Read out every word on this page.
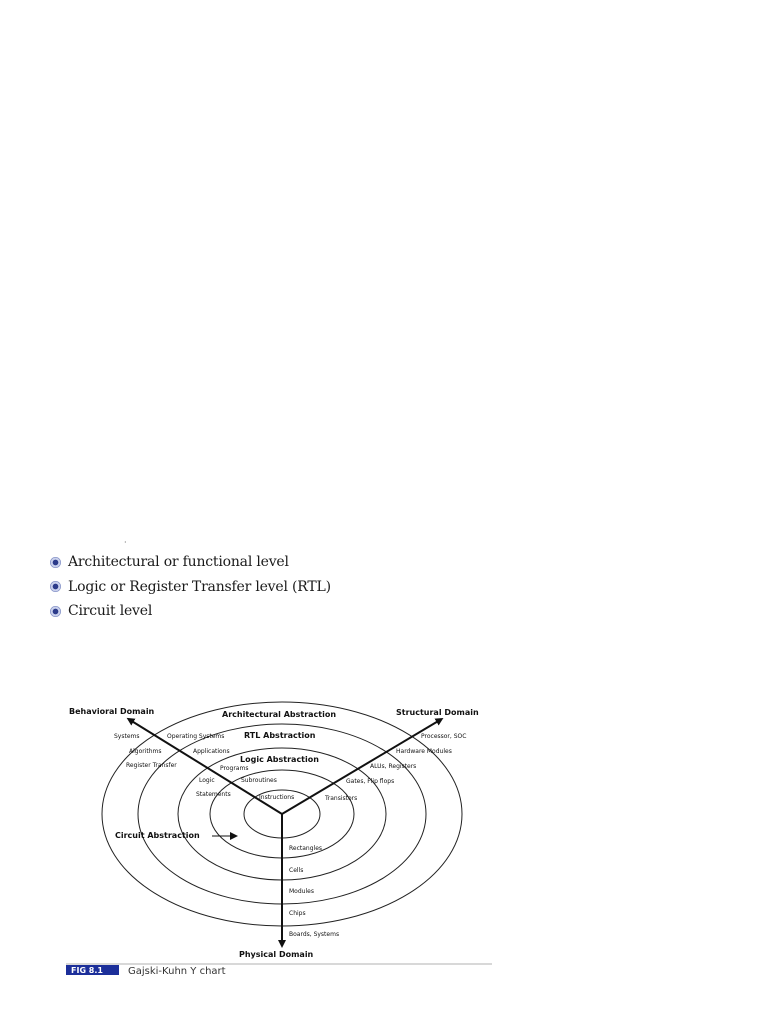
·
Architectural or functional level
Logic or Register Transfer level (RTL)
Circuit level
Behavioral Domain	Structural Domain
Physical Domain
Architectural Abstraction
RTL Abstraction
Logic Abstraction
Circuit Abstraction
Systems	Operating Systems
Algorithms	Applications
Register Transfer	Programs
Logic	Subroutines
Statements	Instructions
Processor, SOC
Hardware Modules
ALUs, Registers
Gates, Flip flops
Transistors
Rectangles
Cells
Modules
Chips
Boards, Systems
FIG 8.1	Gajski-Kuhn Y chart
